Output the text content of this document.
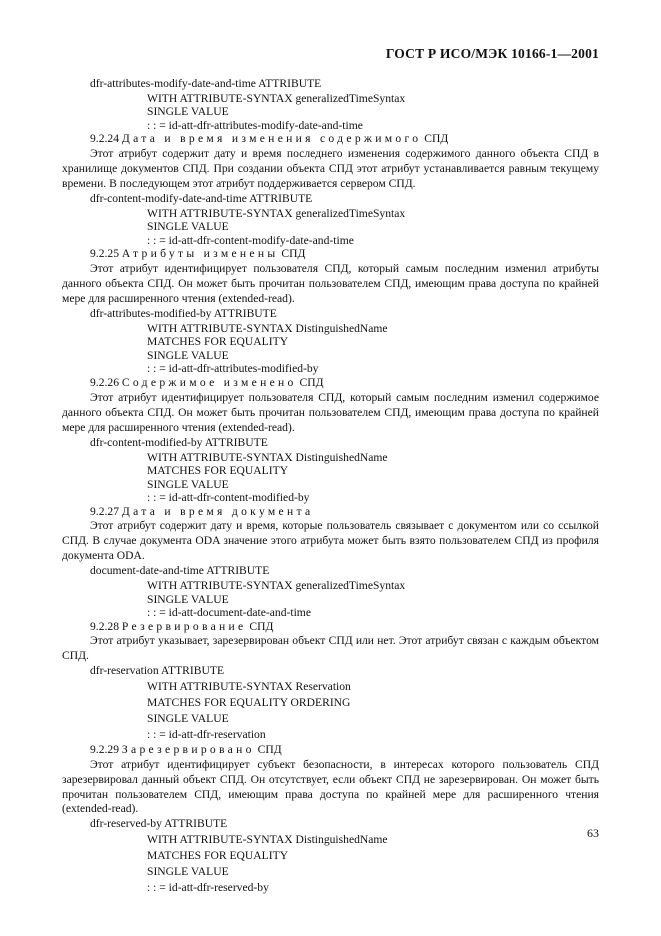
ГОСТ Р ИСО/МЭК 10166-1—2001
dfr-attributes-modify-date-and-time ATTRIBUTE
WITH ATTRIBUTE-SYNTAX generalizedTimeSyntax
SINGLE VALUE
: : = id-att-dfr-attributes-modify-date-and-time
9.2.24 Дата и время изменения содержимого СПД
Этот атрибут содержит дату и время последнего изменения содержимого данного объекта СПД в хранилище документов СПД. При создании объекта СПД этот атрибут устанавливается равным текущему времени. В последующем этот атрибут поддерживается сервером СПД.
dfr-content-modify-date-and-time ATTRIBUTE
WITH ATTRIBUTE-SYNTAX generalizedTimeSyntax
SINGLE VALUE
: : = id-att-dfr-content-modify-date-and-time
9.2.25 Атрибуты изменены СПД
Этот атрибут идентифицирует пользователя СПД, который самым последним изменил атрибуты данного объекта СПД. Он может быть прочитан пользователем СПД, имеющим права доступа по крайней мере для расширенного чтения (extended-read).
dfr-attributes-modified-by ATTRIBUTE
WITH ATTRIBUTE-SYNTAX DistinguishedName
MATCHES FOR EQUALITY
SINGLE VALUE
: : = id-att-dfr-attributes-modified-by
9.2.26 Содержимое изменено СПД
Этот атрибут идентифицирует пользователя СПД, который самым последним изменил содержимое данного объекта СПД. Он может быть прочитан пользователем СПД, имеющим права доступа по крайней мере для расширенного чтения (extended-read).
dfr-content-modified-by ATTRIBUTE
WITH ATTRIBUTE-SYNTAX DistinguishedName
MATCHES FOR EQUALITY
SINGLE VALUE
: : = id-att-dfr-content-modified-by
9.2.27 Дата и время документа
Этот атрибут содержит дату и время, которые пользователь связывает с документом или со ссылкой СПД. В случае документа ODA значение этого атрибута может быть взято пользователем СПД из профиля документа ODA.
document-date-and-time ATTRIBUTE
WITH ATTRIBUTE-SYNTAX generalizedTimeSyntax
SINGLE VALUE
: : = id-att-document-date-and-time
9.2.28 Резервирование СПД
Этот атрибут указывает, зарезервирован объект СПД или нет. Этот атрибут связан с каждым объектом СПД.
dfr-reservation ATTRIBUTE
WITH ATTRIBUTE-SYNTAX Reservation
MATCHES FOR EQUALITY ORDERING
SINGLE VALUE
: : = id-att-dfr-reservation
9.2.29 Зарезервировано СПД
Этот атрибут идентифицирует субъект безопасности, в интересах которого пользователь СПД зарезервировал данный объект СПД. Он отсутствует, если объект СПД не зарезервирован. Он может быть прочитан пользователем СПД, имеющим права доступа по крайней мере для расширенного чтения (extended-read).
dfr-reserved-by ATTRIBUTE
WITH ATTRIBUTE-SYNTAX DistinguishedName
MATCHES FOR EQUALITY
SINGLE VALUE
: : = id-att-dfr-reserved-by
63
